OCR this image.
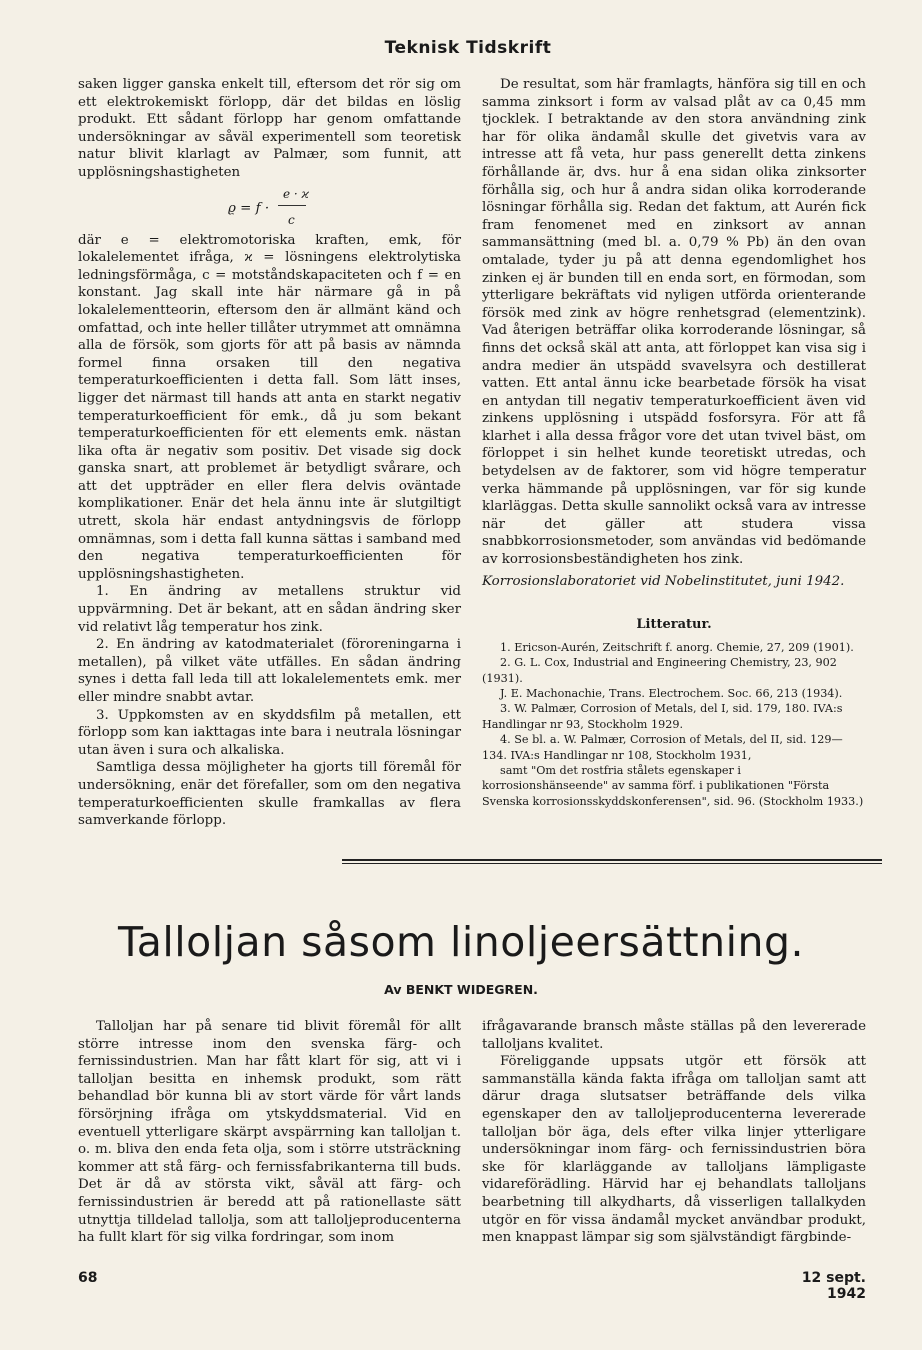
Teknisk Tidskrift

saken ligger ganska enkelt till, eftersom det rör sig om ett elektrokemiskt förlopp, där det bildas en löslig produkt. Ett sådant förlopp har genom omfattande undersökningar av såväl experimentell som teoretisk natur blivit klarlagt av Palmær, som funnit, att upplösningshastigheten

e · ϰ
ϱ = f ·
c

där e = elektromotoriska kraften, emk, för lokalelementet ifråga, ϰ = lösningens elektrolytiska ledningsförmåga, c = motståndskapaciteten och f = en konstant. Jag skall inte här närmare gå in på lokalelementteorin, eftersom den är allmänt känd och omfattad, och inte heller tillåter utrymmet att omnämna alla de försök, som gjorts för att på basis av nämnda formel finna orsaken till den negativa temperaturkoefficienten i detta fall. Som lätt inses, ligger det närmast till hands att anta en starkt negativ temperaturkoefficient för emk., då ju som bekant temperaturkoefficienten för ett elements emk. nästan lika ofta är negativ som positiv. Det visade sig dock ganska snart, att problemet är betydligt svårare, och att det uppträder en eller flera delvis oväntade komplikationer. Enär det hela ännu inte är slutgiltigt utrett, skola här endast antydningsvis de förlopp omnämnas, som i detta fall kunna sättas i samband med den negativa temperaturkoefficienten för upplösningshastigheten.

1. En ändring av metallens struktur vid uppvärmning. Det är bekant, att en sådan ändring sker vid relativt låg temperatur hos zink.

2. En ändring av katodmaterialet (föroreningarna i metallen), på vilket väte utfälles. En sådan ändring synes i detta fall leda till att lokalelementets emk. mer eller mindre snabbt avtar.

3. Uppkomsten av en skyddsfilm på metallen, ett förlopp som kan iakttagas inte bara i neutrala lösningar utan även i sura och alkaliska.

Samtliga dessa möjligheter ha gjorts till föremål för undersökning, enär det förefaller, som om den negativa temperaturkoefficienten skulle framkallas av flera samverkande förlopp.

De resultat, som här framlagts, hänföra sig till en och samma zinksort i form av valsad plåt av ca 0,45 mm tjocklek. I betraktande av den stora användning zink har för olika ändamål skulle det givetvis vara av intresse att få veta, hur pass generellt detta zinkens förhållande är, dvs. hur å ena sidan olika zinksorter förhålla sig, och hur å andra sidan olika korroderande lösningar förhålla sig. Redan det faktum, att Aurén fick fram fenomenet med en zinksort av annan sammansättning (med bl. a. 0,79 % Pb) än den ovan omtalade, tyder ju på att denna egendomlighet hos zinken ej är bunden till en enda sort, en förmodan, som ytterligare bekräftats vid nyligen utförda orienterande försök med zink av högre renhetsgrad (elementzink). Vad återigen beträffar olika korroderande lösningar, så finns det också skäl att anta, att förloppet kan visa sig i andra medier än utspädd svavelsyra och destillerat vatten. Ett antal ännu icke bearbetade försök ha visat en antydan till negativ temperaturkoefficient även vid zinkens upplösning i utspädd fosforsyra. För att få klarhet i alla dessa frågor vore det utan tvivel bäst, om förloppet i sin helhet kunde teoretiskt utredas, och betydelsen av de faktorer, som vid högre temperatur verka hämmande på upplösningen, var för sig kunde klarläggas. Detta skulle sannolikt också vara av intresse när det gäller att studera vissa snabbkorrosionsmetoder, som användas vid bedömande av korrosionsbeständigheten hos zink.

Korrosionslaboratoriet vid Nobelinstitutet, juni 1942.

Litteratur.

1. Ericson-Aurén, Zeitschrift f. anorg. Chemie, 27, 209 (1901).

2. G. L. Cox, Industrial and Engineering Chemistry, 23, 902 (1931).

J. E. Machonachie, Trans. Electrochem. Soc. 66, 213 (1934).

3. W. Palmær, Corrosion of Metals, del I, sid. 179, 180. IVA:s Handlingar nr 93, Stockholm 1929.

4. Se bl. a. W. Palmær, Corrosion of Metals, del II, sid. 129—134. IVA:s Handlingar nr 108, Stockholm 1931,

samt "Om det rostfria stålets egenskaper i korrosionshänseende" av samma förf. i publikationen "Första Svenska korrosionsskyddskonferensen", sid. 96. (Stockholm 1933.)

Talloljan såsom linoljeersättning.
Av BENKT WIDEGREN.

Talloljan har på senare tid blivit föremål för allt större intresse inom den svenska färg- och fernissindustrien. Man har fått klart för sig, att vi i talloljan besitta en inhemsk produkt, som rätt behandlad bör kunna bli av stort värde för vårt lands försörjning ifråga om ytskyddsmaterial. Vid en eventuell ytterligare skärpt avspärrning kan talloljan t. o. m. bliva den enda feta olja, som i större utsträckning kommer att stå färg- och fernissfabrikanterna till buds. Det är då av största vikt, såväl att färg- och fernissindustrien är beredd att på rationellaste sätt utnyttja tilldelad tallolja, som att talloljeproducenterna ha fullt klart för sig vilka fordringar, som inom

ifrågavarande bransch måste ställas på den levererade talloljans kvalitet.

Föreliggande uppsats utgör ett försök att sammanställa kända fakta ifråga om talloljan samt att därur draga slutsatser beträffande dels vilka egenskaper den av talloljeproducenterna levererade talloljan bör äga, dels efter vilka linjer ytterligare undersökningar inom färg- och fernissindustrien böra ske för klarläggande av talloljans lämpligaste vidareförädling. Härvid har ej behandlats talloljans bearbetning till alkydharts, då visserligen tallalkyden utgör en för vissa ändamål mycket användbar produkt, men knappast lämpar sig som självständigt färgbinde-

68	12 sept. 1942
